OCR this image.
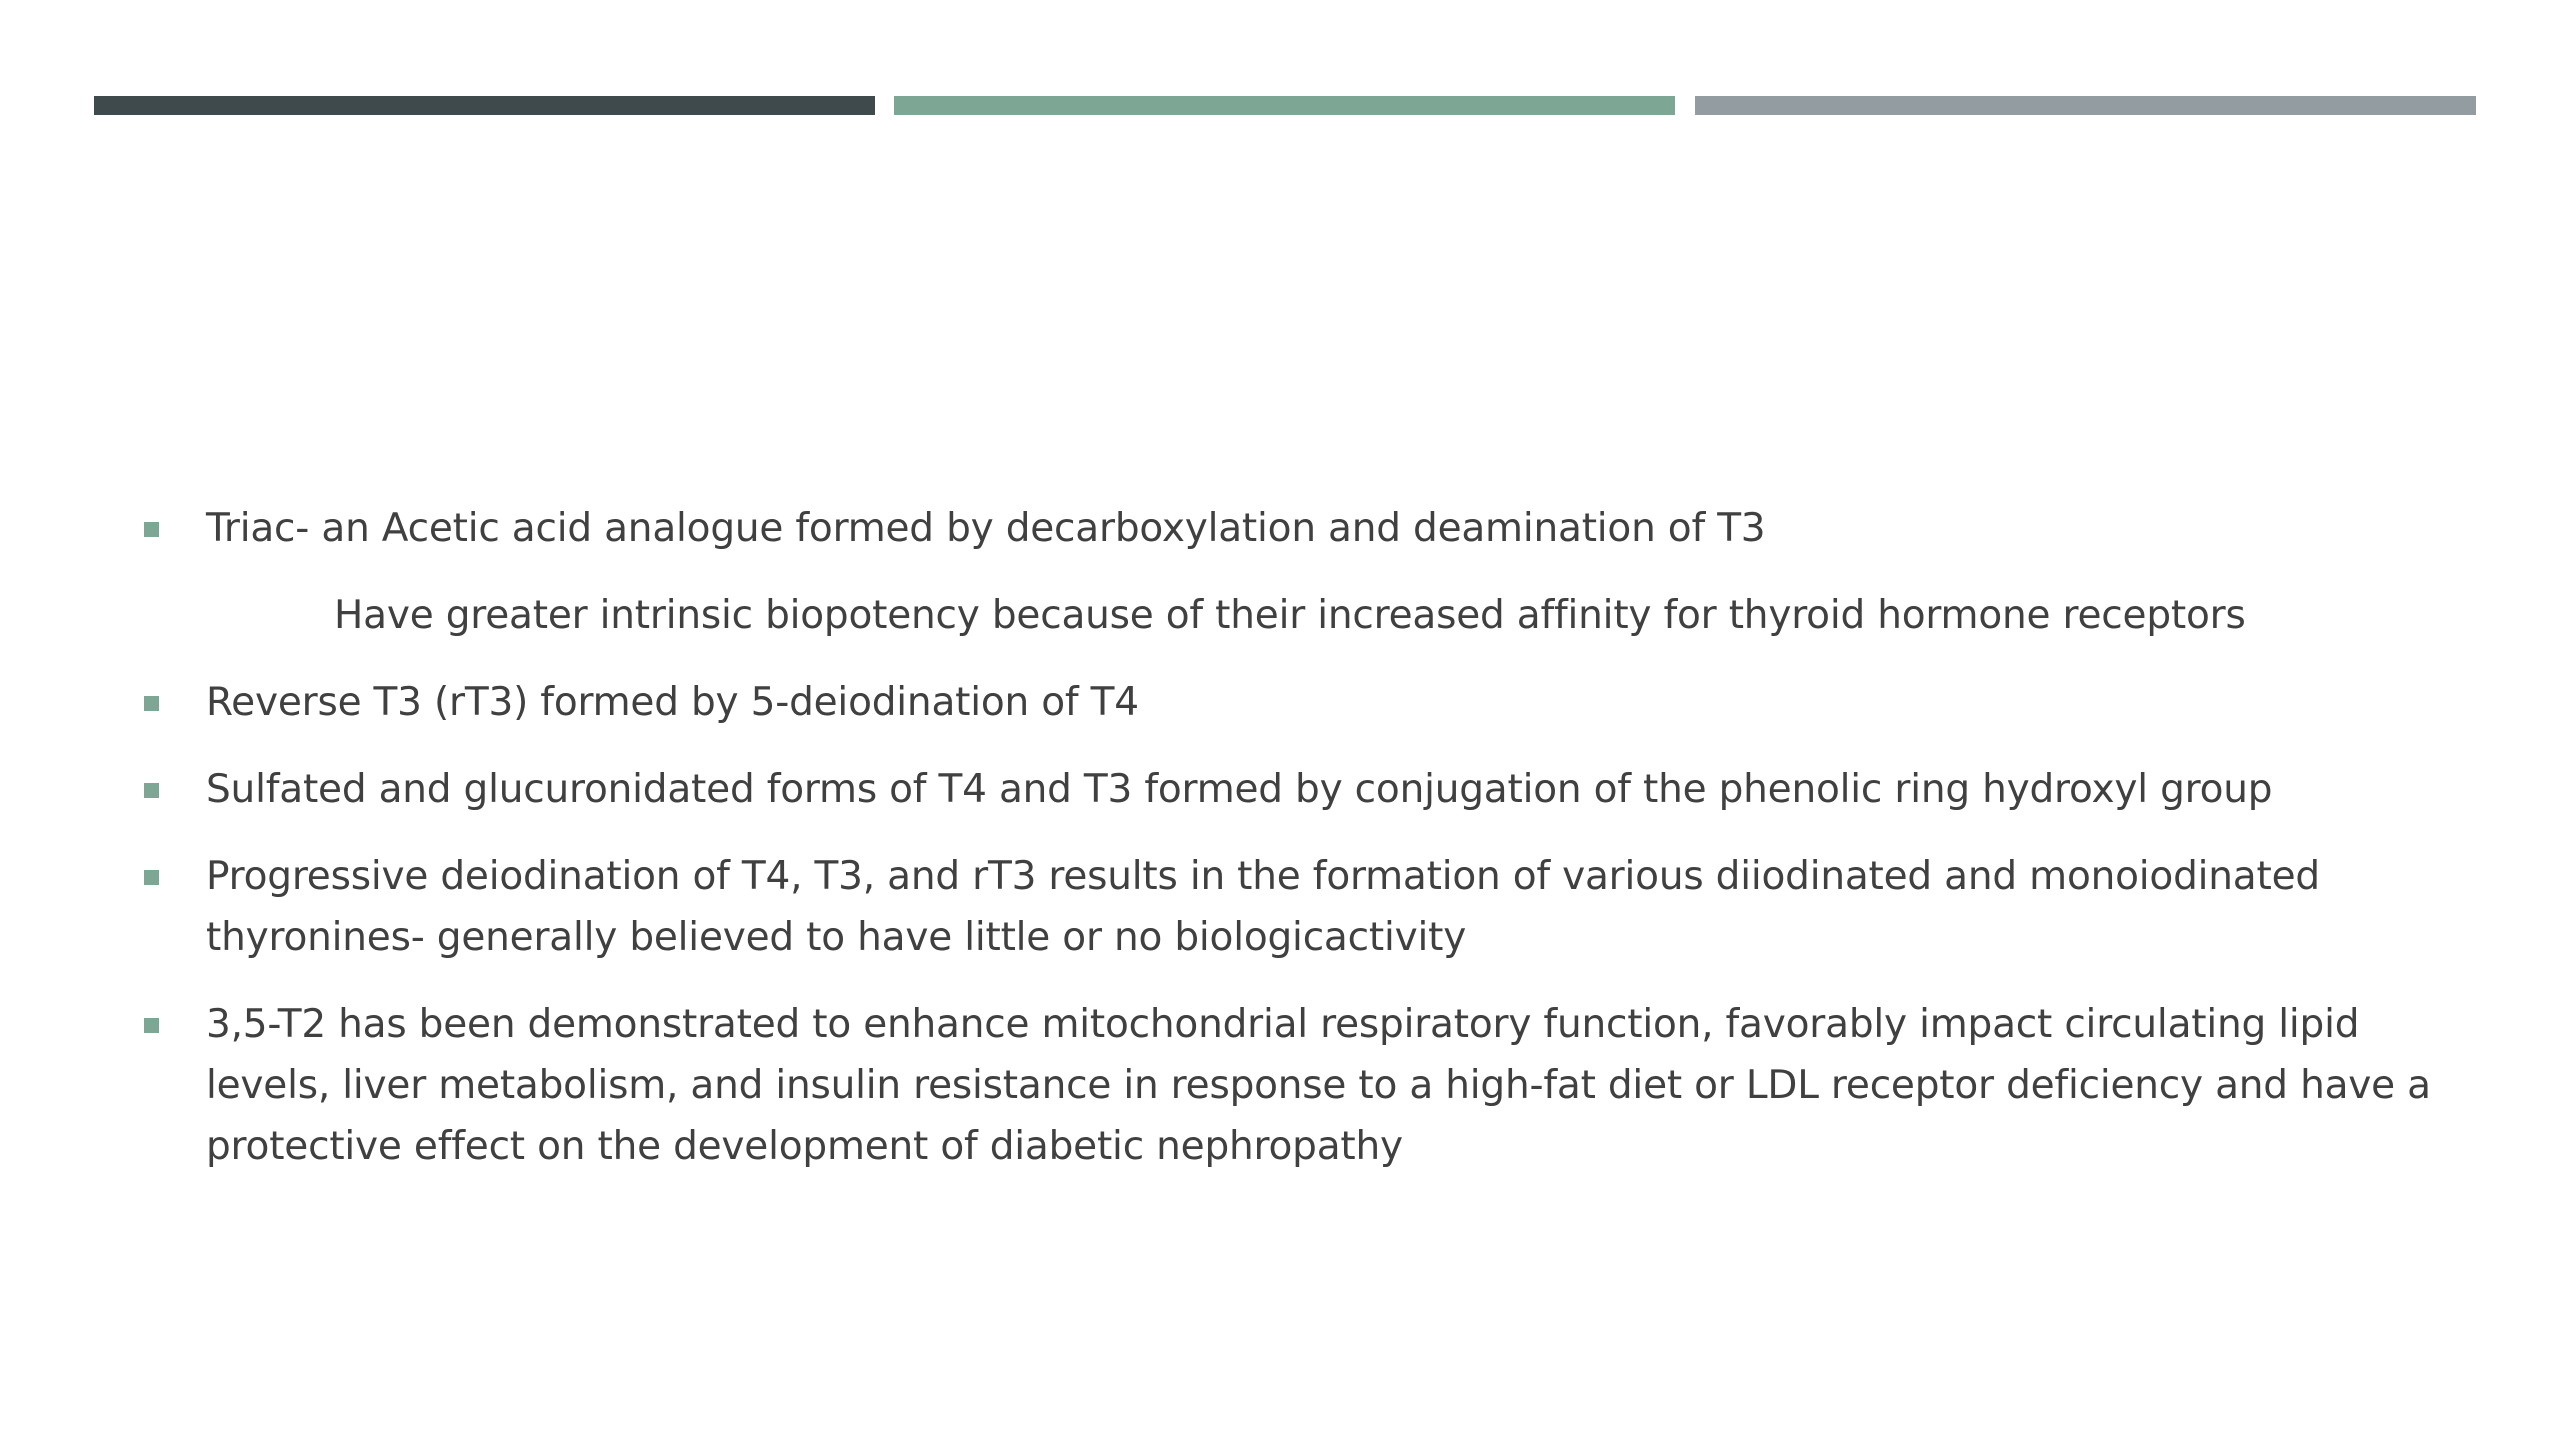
Triac- an Acetic acid analogue formed by decarboxylation and deamination of T3
Have greater intrinsic biopotency because of their increased affinity for thyroid hormone receptors
Reverse T3 (rT3) formed by 5-deiodination of T4
Sulfated and glucuronidated forms of T4 and T3 formed by conjugation of the phenolic ring hydroxyl group
Progressive deiodination of T4, T3, and rT3 results in the formation of various diiodinated and monoiodinated thyronines- generally believed to have little or no biologicactivity
3,5-T2 has been demonstrated to enhance mitochondrial respiratory function, favorably impact circulating lipid levels, liver metabolism, and insulin resistance in response to a high-fat diet or LDL receptor deficiency and have a protective effect on the development of diabetic nephropathy
